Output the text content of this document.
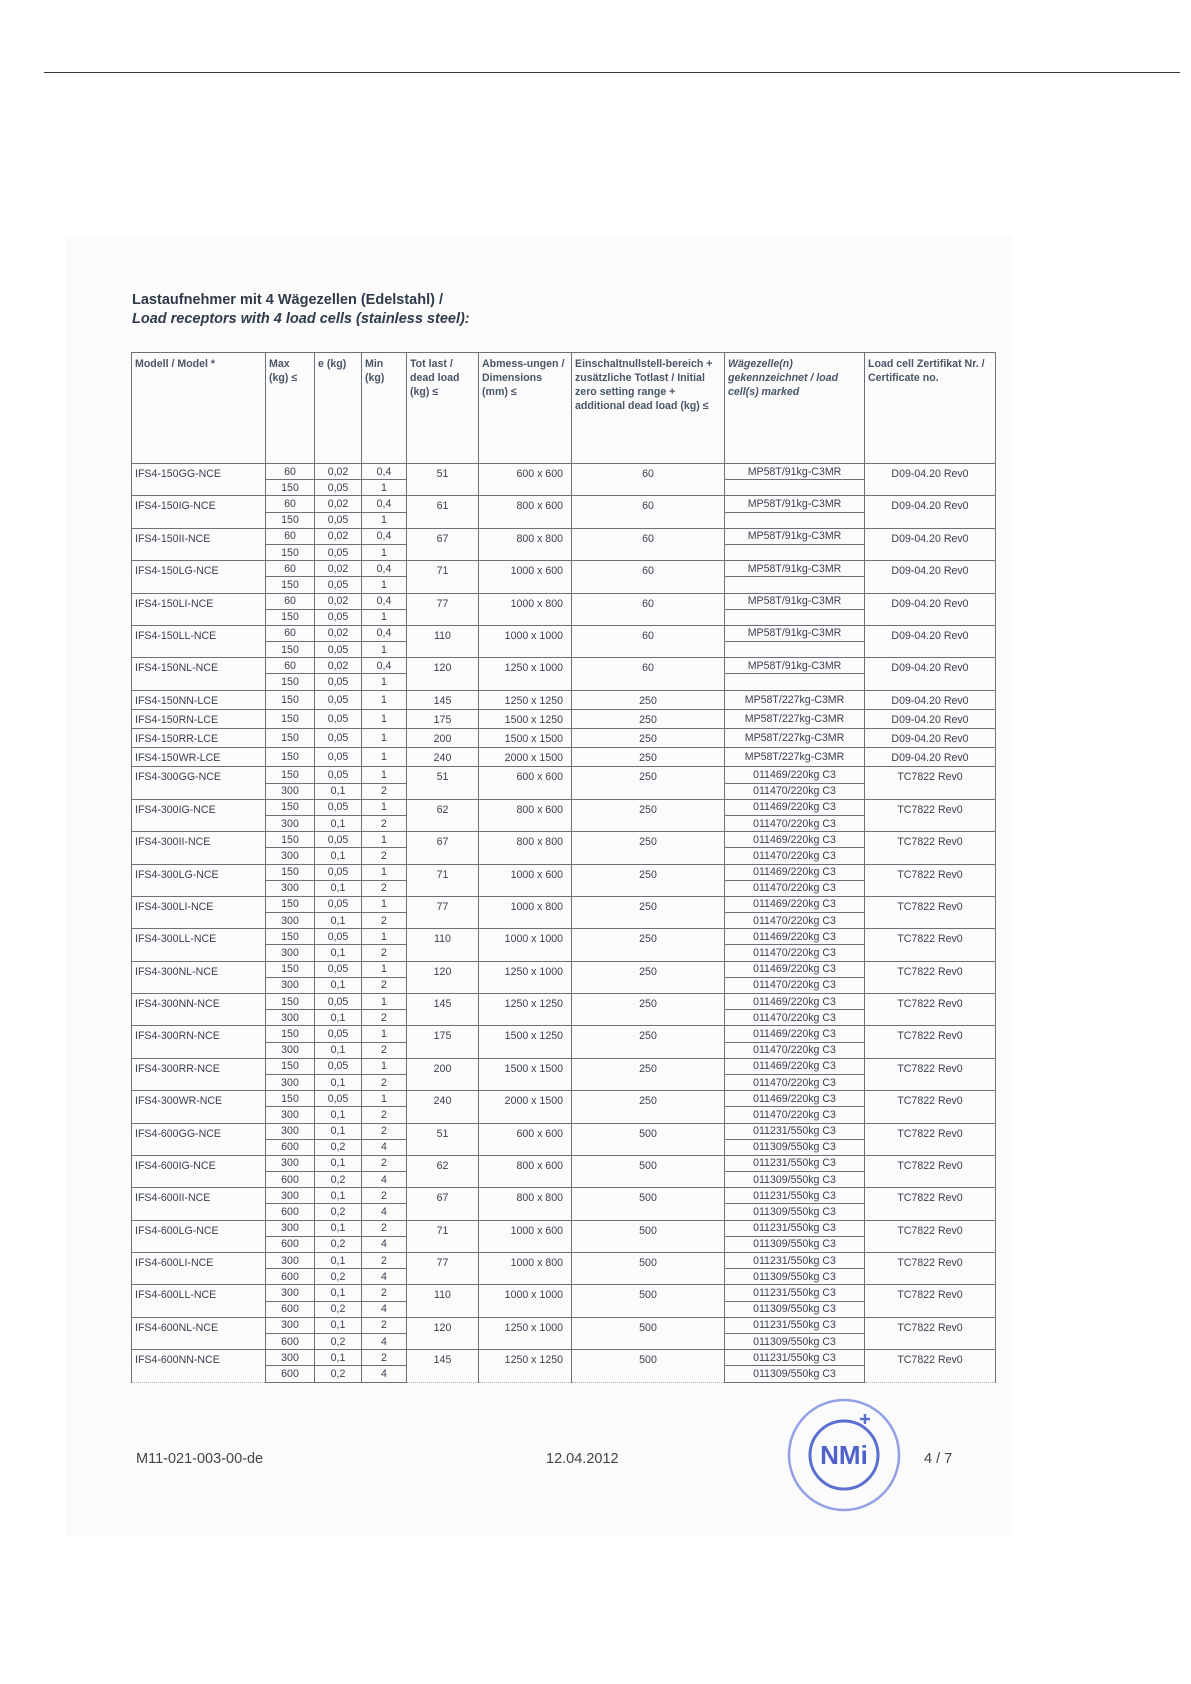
Lastaufnehmer mit 4 Wägezellen (Edelstahl) /
Load receptors with 4 load cells (stainless steel):
Modell / Model *	Max (kg) ≤	e (kg)	Min (kg)	Tot last / dead load (kg) ≤	Abmess-ungen / Dimensions (mm) ≤	Einschaltnullstell-bereich + zusätzliche Totlast / Initial zero setting range + additional dead load (kg) ≤	Wägezelle(n) gekennzeichnet / load cell(s) marked	Load cell Zertifikat Nr. / Certificate no.

IFS4-150GG-NCE	60	0,02	0,4	51	600 x 600	60	MP58T/91kg-C3MR	D09-04.20 Rev0
	150	0,05	1					
IFS4-150IG-NCE	60	0,02	0,4	61	800 x 600	60	MP58T/91kg-C3MR	D09-04.20 Rev0
	150	0,05	1					
IFS4-150II-NCE	60	0,02	0,4	67	800 x 800	60	MP58T/91kg-C3MR	D09-04.20 Rev0
	150	0,05	1					
IFS4-150LG-NCE	60	0,02	0,4	71	1000 x 600	60	MP58T/91kg-C3MR	D09-04.20 Rev0
	150	0,05	1					
IFS4-150LI-NCE	60	0,02	0,4	77	1000 x 800	60	MP58T/91kg-C3MR	D09-04.20 Rev0
	150	0,05	1					
IFS4-150LL-NCE	60	0,02	0,4	110	1000 x 1000	60	MP58T/91kg-C3MR	D09-04.20 Rev0
	150	0,05	1					
IFS4-150NL-NCE	60	0,02	0,4	120	1250 x 1000	60	MP58T/91kg-C3MR	D09-04.20 Rev0
	150	0,05	1					
IFS4-150NN-LCE	150	0,05	1	145	1250 x 1250	250	MP58T/227kg-C3MR	D09-04.20 Rev0
IFS4-150RN-LCE	150	0,05	1	175	1500 x 1250	250	MP58T/227kg-C3MR	D09-04.20 Rev0
IFS4-150RR-LCE	150	0,05	1	200	1500 x 1500	250	MP58T/227kg-C3MR	D09-04.20 Rev0
IFS4-150WR-LCE	150	0,05	1	240	2000 x 1500	250	MP58T/227kg-C3MR	D09-04.20 Rev0
IFS4-300GG-NCE	150	0,05	1	51	600 x 600	250	011469/220kg C3	TC7822 Rev0
	300	0,1	2				011470/220kg C3	
IFS4-300IG-NCE	150	0,05	1	62	800 x 600	250	011469/220kg C3	TC7822 Rev0
	300	0,1	2				011470/220kg C3	
IFS4-300II-NCE	150	0,05	1	67	800 x 800	250	011469/220kg C3	TC7822 Rev0
	300	0,1	2				011470/220kg C3	
IFS4-300LG-NCE	150	0,05	1	71	1000 x 600	250	011469/220kg C3	TC7822 Rev0
	300	0,1	2				011470/220kg C3	
IFS4-300LI-NCE	150	0,05	1	77	1000 x 800	250	011469/220kg C3	TC7822 Rev0
	300	0,1	2				011470/220kg C3	
IFS4-300LL-NCE	150	0,05	1	110	1000 x 1000	250	011469/220kg C3	TC7822 Rev0
	300	0,1	2				011470/220kg C3	
IFS4-300NL-NCE	150	0,05	1	120	1250 x 1000	250	011469/220kg C3	TC7822 Rev0
	300	0,1	2				011470/220kg C3	
IFS4-300NN-NCE	150	0,05	1	145	1250 x 1250	250	011469/220kg C3	TC7822 Rev0
	300	0,1	2				011470/220kg C3	
IFS4-300RN-NCE	150	0,05	1	175	1500 x 1250	250	011469/220kg C3	TC7822 Rev0
	300	0,1	2				011470/220kg C3	
IFS4-300RR-NCE	150	0,05	1	200	1500 x 1500	250	011469/220kg C3	TC7822 Rev0
	300	0,1	2				011470/220kg C3	
IFS4-300WR-NCE	150	0,05	1	240	2000 x 1500	250	011469/220kg C3	TC7822 Rev0
	300	0,1	2				011470/220kg C3	
IFS4-600GG-NCE	300	0,1	2	51	600 x 600	500	011231/550kg C3	TC7822 Rev0
	600	0,2	4				011309/550kg C3	
IFS4-600IG-NCE	300	0,1	2	62	800 x 600	500	011231/550kg C3	TC7822 Rev0
	600	0,2	4				011309/550kg C3	
IFS4-600II-NCE	300	0,1	2	67	800 x 800	500	011231/550kg C3	TC7822 Rev0
	600	0,2	4				011309/550kg C3	
IFS4-600LG-NCE	300	0,1	2	71	1000 x 600	500	011231/550kg C3	TC7822 Rev0
	600	0,2	4				011309/550kg C3	
IFS4-600LI-NCE	300	0,1	2	77	1000 x 800	500	011231/550kg C3	TC7822 Rev0
	600	0,2	4				011309/550kg C3	
IFS4-600LL-NCE	300	0,1	2	110	1000 x 1000	500	011231/550kg C3	TC7822 Rev0
	600	0,2	4				011309/550kg C3	
IFS4-600NL-NCE	300	0,1	2	120	1250 x 1000	500	011231/550kg C3	TC7822 Rev0
	600	0,2	4				011309/550kg C3	
IFS4-600NN-NCE	300	0,1	2	145	1250 x 1250	500	011231/550kg C3	TC7822 Rev0
	600	0,2	4				011309/550kg C3	
M11-021-003-00-de	12.04.2012	4 / 7
NMi
